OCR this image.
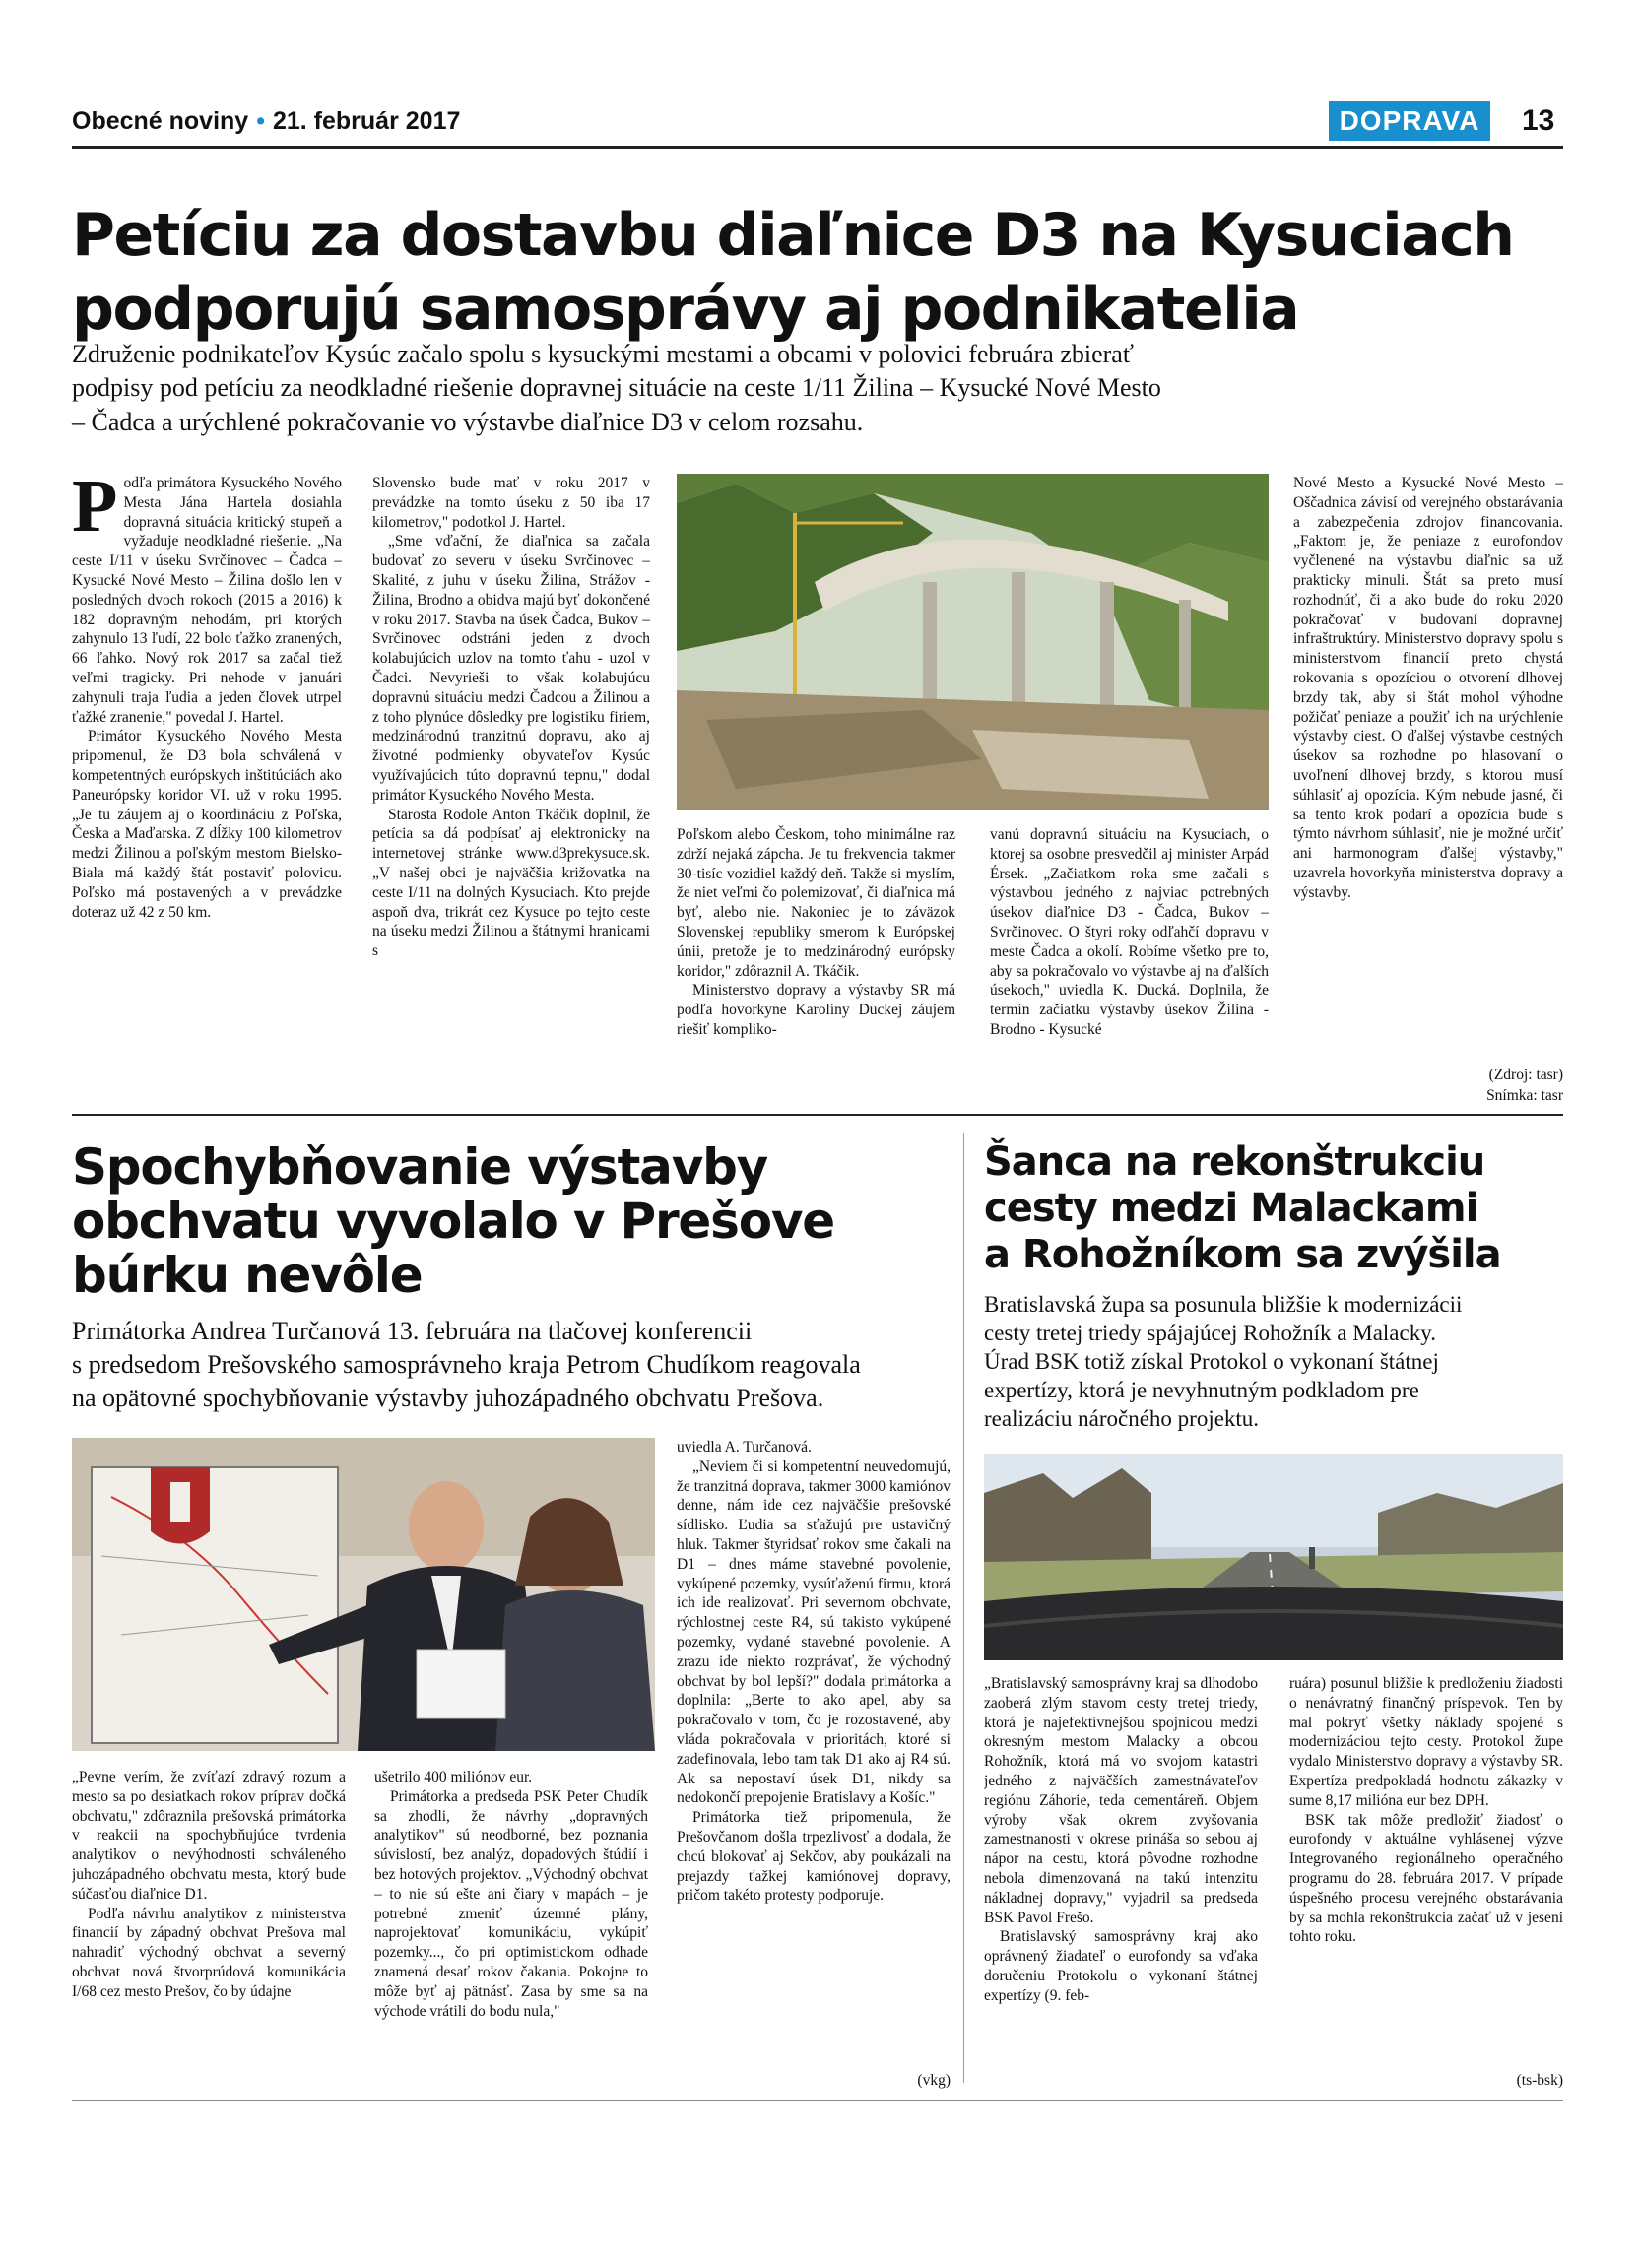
Obecné noviny • 21. február 2017	DOPRAVA	13
Petíciu za dostavbu diaľnice D3 na Kysuciach
podporujú samosprávy aj podnikatelia

Združenie podnikateľov Kysúc začalo spolu s kysuckými mestami a obcami v polovici februára zbierať

podpisy pod petíciu za neodkladné riešenie dopravnej situácie na ceste 1/11 Žilina – Kysucké Nové Mesto

– Čadca a urýchlené pokračovanie vo výstavbe diaľnice D3 v celom rozsahu.

P odľa primátora Kysuckého Nového Mesta Jána Hartela dosiahla dopravná situácia kritický stupeň a vyžaduje neodkladné riešenie. „Na ceste I/11 v úseku Svrčinovec – Čadca – Kysucké Nové Mesto – Žilina došlo len v posledných dvoch rokoch (2015 a 2016) k 182 dopravným nehodám, pri ktorých zahynulo 13 ľudí, 22 bolo ťažko zranených, 66 ľahko. Nový rok 2017 sa začal tiež veľmi tragicky. Pri nehode v januári zahynuli traja ľudia a jeden človek utrpel ťažké zranenie," povedal J. Hartel.

Primátor Kysuckého Nového Mesta pripomenul, že D3 bola schválená v kompetentných európskych inštitúciách ako Paneurópsky koridor VI. už v roku 1995. „Je tu záujem aj o koordináciu z Poľska, Česka a Maďarska. Z dĺžky 100 kilometrov medzi Žilinou a poľským mestom Bielsko-Biala má každý štát postaviť polovicu. Poľsko má postavených a v prevádzke doteraz už 42 z 50 km.

Slovensko bude mať v roku 2017 v prevádzke na tomto úseku z 50 iba 17 kilometrov," podotkol J. Hartel.

„Sme vďační, že diaľnica sa začala budovať zo severu v úseku Svrčinovec – Skalité, z juhu v úseku Žilina, Strážov - Žilina, Brodno a obidva majú byť dokončené v roku 2017. Stavba na úsek Čadca, Bukov – Svrčinovec odstráni jeden z dvoch kolabujúcich uzlov na tomto ťahu - uzol v Čadci. Nevyrieši to však kolabujúcu dopravnú situáciu medzi Čadcou a Žilinou a z toho plynúce dôsledky pre logistiku firiem, medzinárodnú tranzitnú dopravu, ako aj životné podmienky obyvateľov Kysúc využívajúcich túto dopravnú tepnu," dodal primátor Kysuckého Nového Mesta.

Starosta Rodole Anton Tkáčik doplnil, že petícia sa dá podpísať aj elektronicky na internetovej stránke www.d3prekysuce.sk. „V našej obci je najväčšia križovatka na ceste I/11 na dolných Kysuciach. Kto prejde aspoň dva, trikrát cez Kysuce po tejto ceste na úseku medzi Žilinou a štátnymi hranicami s

Poľskom alebo Českom, toho minimálne raz zdrží nejaká zápcha. Je tu frekvencia takmer 30-tisíc vozidiel každý deň. Takže si myslím, že niet veľmi čo polemizovať, či diaľnica má byť, alebo nie. Nakoniec je to záväzok Slovenskej republiky smerom k Európskej únii, pretože je to medzinárodný európsky koridor," zdôraznil A. Tkáčik.

Ministerstvo dopravy a výstavby SR má podľa hovorkyne Karolíny Duckej záujem riešiť kompliko-

vanú dopravnú situáciu na Kysuciach, o ktorej sa osobne presvedčil aj minister Arpád Érsek. „Začiatkom roka sme začali s výstavbou jedného z najviac potrebných úsekov diaľnice D3 - Čadca, Bukov – Svrčinovec. O štyri roky odľahčí dopravu v meste Čadca a okolí. Robíme všetko pre to, aby sa pokračovalo vo výstavbe aj na ďalších úsekoch," uviedla K. Ducká. Doplnila, že termín začiatku výstavby úsekov Žilina - Brodno - Kysucké

Nové Mesto a Kysucké Nové Mesto – Oščadnica závisí od verejného obstarávania a zabezpečenia zdrojov financovania. „Faktom je, že peniaze z eurofondov vyčlenené na výstavbu diaľnic sa už prakticky minuli. Štát sa preto musí rozhodnúť, či a ako bude do roku 2020 pokračovať v budovaní dopravnej infraštruktúry. Ministerstvo dopravy spolu s ministerstvom financií preto chystá rokovania s opozíciou o otvorení dlhovej brzdy tak, aby si štát mohol výhodne požičať peniaze a použiť ich na urýchlenie výstavby ciest. O ďalšej výstavbe cestných úsekov sa rozhodne po hlasovaní o uvoľnení dlhovej brzdy, s ktorou musí súhlasiť aj opozícia. Kým nebude jasné, či sa tento krok podarí a opozícia bude s týmto návrhom súhlasiť, nie je možné určiť ani harmonogram ďalšej výstavby," uzavrela hovorkyňa ministerstva dopravy a výstavby.

(Zdroj: tasr)
Snímka: tasr
Spochybňovanie výstavby
obchvatu vyvolalo v Prešove
búrku nevôle

Primátorka Andrea Turčanová 13. februára na tlačovej konferencii

s predsedom Prešovského samosprávneho kraja Petrom Chudíkom reagovala

na opätovné spochybňovanie výstavby juhozápadného obchvatu Prešova.

„Pevne verím, že zvíťazí zdravý rozum a mesto sa po desiatkach rokov príprav dočká obchvatu," zdôraznila prešovská primátorka v reakcii na spochybňujúce tvrdenia analytikov o nevýhodnosti schváleného juhozápadného obchvatu mesta, ktorý bude súčasťou diaľnice D1.

Podľa návrhu analytikov z ministerstva financií by západný obchvat Prešova mal nahradiť východný obchvat a severný obchvat nová štvorprúdová komunikácia I/68 cez mesto Prešov, čo by údajne

ušetrilo 400 miliónov eur.

Primátorka a predseda PSK Peter Chudík sa zhodli, že návrhy „dopravných analytikov" sú neodborné, bez poznania súvislostí, bez analýz, dopadových štúdií i bez hotových projektov. „Východný obchvat – to nie sú ešte ani čiary v mapách – je potrebné zmeniť územné plány, naprojektovať komunikáciu, vykúpiť pozemky..., čo pri optimistickom odhade znamená desať rokov čakania. Pokojne to môže byť aj pätnásť. Zasa by sme sa na východe vrátili do bodu nula,"

uviedla A. Turčanová.

„Neviem či si kompetentní neuvedomujú, že tranzitná doprava, takmer 3000 kamiónov denne, nám ide cez najväčšie prešovské sídlisko. Ľudia sa sťažujú pre ustavičný hluk. Takmer štyridsať rokov sme čakali na D1 – dnes máme stavebné povolenie, vykúpené pozemky, vysúťaženú firmu, ktorá ich ide realizovať. Pri severnom obchvate, rýchlostnej ceste R4, sú takisto vykúpené pozemky, vydané stavebné povolenie. A zrazu ide niekto rozprávať, že východný obchvat by bol lepší?" dodala primátorka a doplnila: „Berte to ako apel, aby sa pokračovalo v tom, čo je rozostavené, aby vláda pokračovala v prioritách, ktoré si zadefinovala, lebo tam tak D1 ako aj R4 sú. Ak sa nepostaví úsek D1, nikdy sa nedokončí prepojenie Bratislavy a Košíc."

Primátorka tiež pripomenula, že Prešovčanom došla trpezlivosť a dodala, že chcú blokovať aj Sekčov, aby poukázali na prejazdy ťažkej kamiónovej dopravy, pričom takéto protesty podporuje.

(vkg)
Šanca na rekonštrukciu
cesty medzi Malackami
a Rohožníkom sa zvýšila

Bratislavská župa sa posunula bližšie k modernizácii

cesty tretej triedy spájajúcej Rohožník a Malacky.

Úrad BSK totiž získal Protokol o vykonaní štátnej

expertízy, ktorá je nevyhnutným podkladom pre

realizáciu náročného projektu.

„Bratislavský samosprávny kraj sa dlhodobo zaoberá zlým stavom cesty tretej triedy, ktorá je najefektívnejšou spojnicou medzi okresným mestom Malacky a obcou Rohožník, ktorá má vo svojom katastri jedného z najväčších zamestnávateľov regiónu Záhorie, teda cementáreň. Objem výroby však okrem zvyšovania zamestnanosti v okrese prináša so sebou aj nápor na cestu, ktorá pôvodne rozhodne nebola dimenzovaná na takú intenzitu nákladnej dopravy," vyjadril sa predseda BSK Pavol Frešo.

Bratislavský samosprávny kraj ako oprávnený žiadateľ o eurofondy sa vďaka doručeniu Protokolu o vykonaní štátnej expertízy (9. feb-

ruára) posunul bližšie k predloženiu žiadosti o nenávratný finančný príspevok. Ten by mal pokryť všetky náklady spojené s modernizáciou tejto cesty. Protokol župe vydalo Ministerstvo dopravy a výstavby SR. Expertíza predpokladá hodnotu zákazky v sume 8,17 milióna eur bez DPH.

BSK tak môže predložiť žiadosť o eurofondy v aktuálne vyhlásenej výzve Integrovaného regionálneho operačného programu do 28. februára 2017. V prípade úspešného procesu verejného obstarávania by sa mohla rekonštrukcia začať už v jeseni tohto roku.

(ts-bsk)
